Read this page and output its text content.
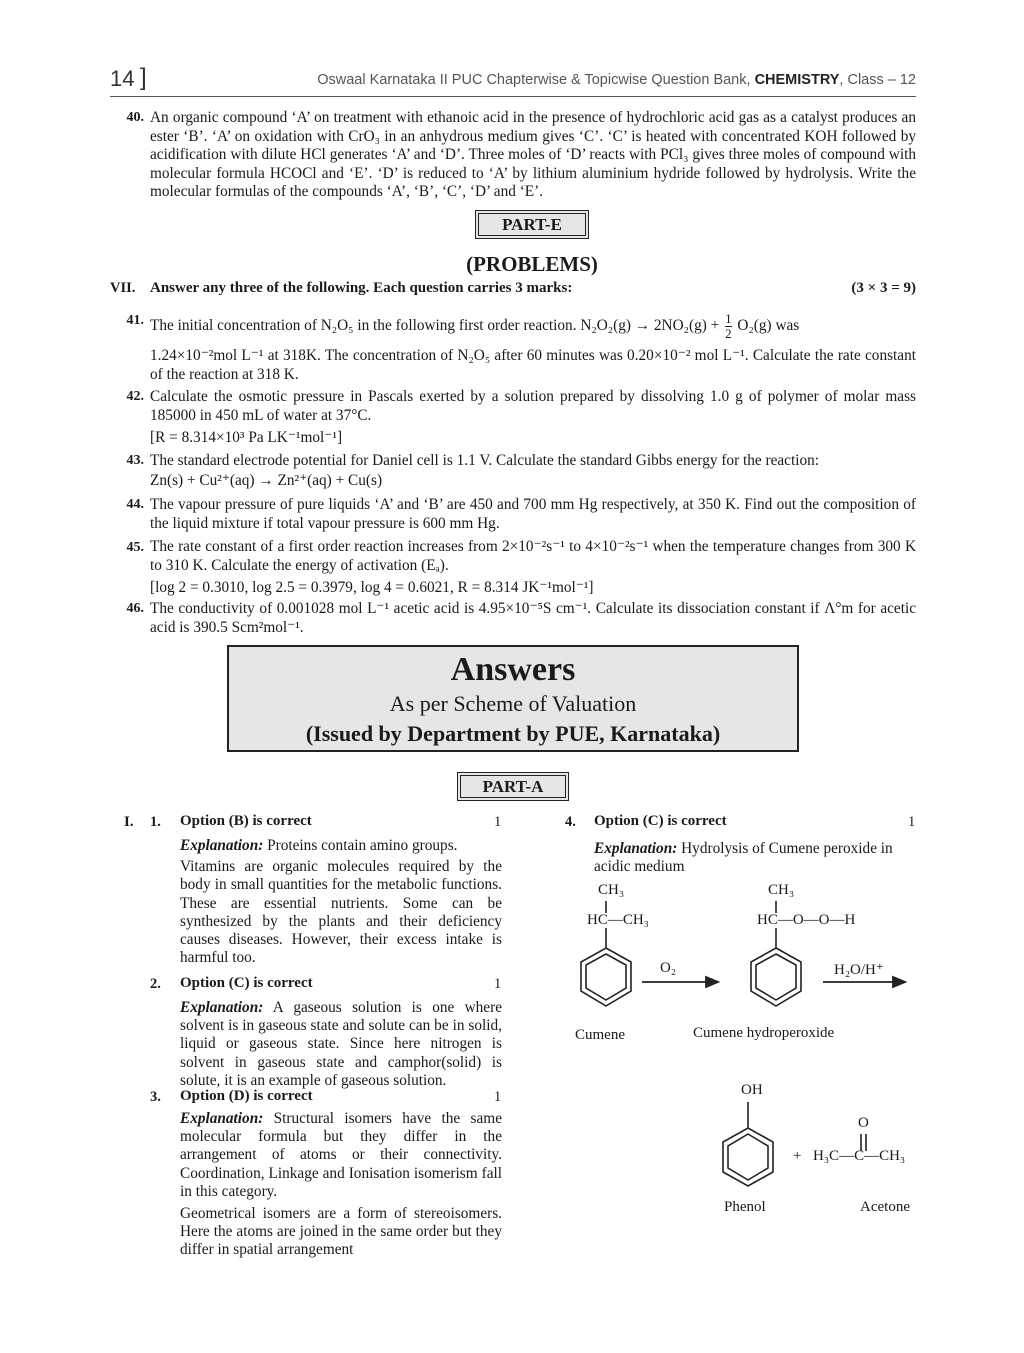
14 ]	Oswaal Karnataka II PUC Chapterwise & Topicwise Question Bank, CHEMISTRY, Class – 12
40. An organic compound ‘A’ on treatment with ethanoic acid in the presence of hydrochloric acid gas as a catalyst produces an ester ‘B’. ‘A’ on oxidation with CrO₃ in an anhydrous medium gives ‘C’. ‘C’ is heated with concentrated KOH followed by acidification with dilute HCl generates ‘A’ and ‘D’. Three moles of ‘D’ reacts with PCl₃ gives three moles of compound with molecular formula HCOCl and ‘E’. ‘D’ is reduced to ‘A’ by lithium aluminium hydride followed by hydrolysis. Write the molecular formulas of the compounds ‘A’, ‘B’, ‘C’, ‘D’ and ‘E’.
PART-E
(PROBLEMS)
VII. Answer any three of the following. Each question carries 3 marks:	(3 × 3 = 9)
41. The initial concentration of N₂O₅ in the following first order reaction. $N_2O_2(g) \to 2NO_2(g) + \frac{1}{2} O_2(g)$ was
1.24×10⁻²mol L⁻¹ at 318K. The concentration of N₂O₅ after 60 minutes was 0.20×10⁻² mol L⁻¹. Calculate the rate constant of the reaction at 318 K.
42. Calculate the osmotic pressure in Pascals exerted by a solution prepared by dissolving 1.0 g of polymer of molar mass 185000 in 450 mL of water at 37°C.
[R = 8.314×10³ Pa LK⁻¹mol⁻¹]
43. The standard electrode potential for Daniel cell is 1.1 V. Calculate the standard Gibbs energy for the reaction:
Zn(s) + Cu²⁺(aq) → Zn²⁺(aq) + Cu(s)
44. The vapour pressure of pure liquids ‘A’ and ‘B’ are 450 and 700 mm Hg respectively, at 350 K. Find out the composition of the liquid mixture if total vapour pressure is 600 mm Hg.
45. The rate constant of a first order reaction increases from 2×10⁻²s⁻¹ to 4×10⁻²s⁻¹ when the temperature changes from 300 K to 310 K. Calculate the energy of activation (Eₐ).
[log 2 = 0.3010, log 2.5 = 0.3979, log 4 = 0.6021, R = 8.314 JK⁻¹mol⁻¹]
46. The conductivity of 0.001028 mol L⁻¹ acetic acid is 4.95×10⁻⁵S cm⁻¹. Calculate its dissociation constant if Λ°m for acetic acid is 390.5 Scm²mol⁻¹.
Answers
As per Scheme of Valuation
(Issued by Department by PUE, Karnataka)
PART-A
I. 1. Option (B) is correct	1

Explanation: Proteins contain amino groups.

Vitamins are organic molecules required by the body in small quantities for the metabolic functions. These are essential nutrients. Some can be synthesized by the plants and their deficiency causes diseases. However, their excess intake is harmful too.

2. Option (C) is correct	1

Explanation: A gaseous solution is one where solvent is in gaseous state and solute can be in solid, liquid or gaseous state. Since here nitrogen is solvent in gaseous state and camphor(solid) is solute, it is an example of gaseous solution.

3. Option (D) is correct	1

Explanation: Structural isomers have the same molecular formula but they differ in the arrangement of atoms or their connectivity. Coordination, Linkage and Ionisation isomerism fall in this category.

Geometrical isomers are a form of stereoisomers. Here the atoms are joined in the same order but they differ in spatial arrangement

4. Option (C) is correct	1

Explanation: Hydrolysis of Cumene peroxide in acidic medium

CH₃
HC—CH₃
CH₃
HC—O—O—H
O₂	H₂O/H⁺
Cumene	Cumene hydroperoxide
OH
+
O
H₃C—C—CH₃
Phenol	Acetone
